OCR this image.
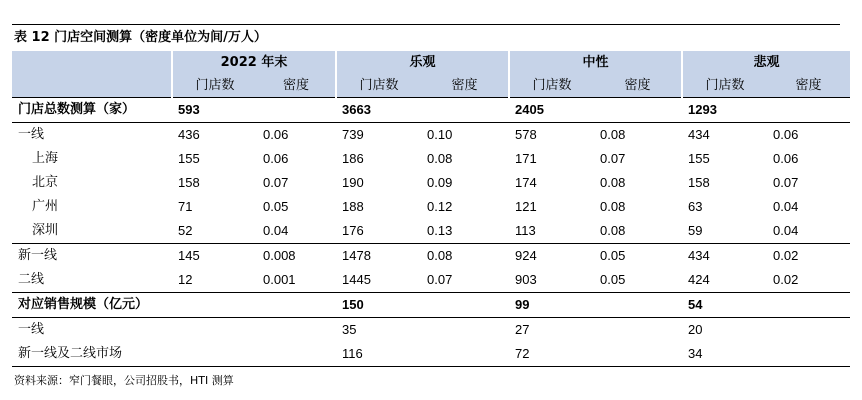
表 12 门店空间测算（密度单位为间/万人）
	2022 年末		乐观		中性		悲观	
	门店数	密度	门店数	密度	门店数	密度	门店数	密度
门店总数测算（家）	593		3663		2405		1293	
一线	436	0.06	739	0.10	578	0.08	434	0.06
上海	155	0.06	186	0.08	171	0.07	155	0.06
北京	158	0.07	190	0.09	174	0.08	158	0.07
广州	71	0.05	188	0.12	121	0.08	63	0.04
深圳	52	0.04	176	0.13	113	0.08	59	0.04
新一线	145	0.008	1478	0.08	924	0.05	434	0.02
二线	12	0.001	1445	0.07	903	0.05	424	0.02
对应销售规模（亿元）			150		99		54	
一线			35		27		20	
新一线及二线市场			116		72		34	
资料来源：窄门餐眼，公司招股书，HTI 测算
